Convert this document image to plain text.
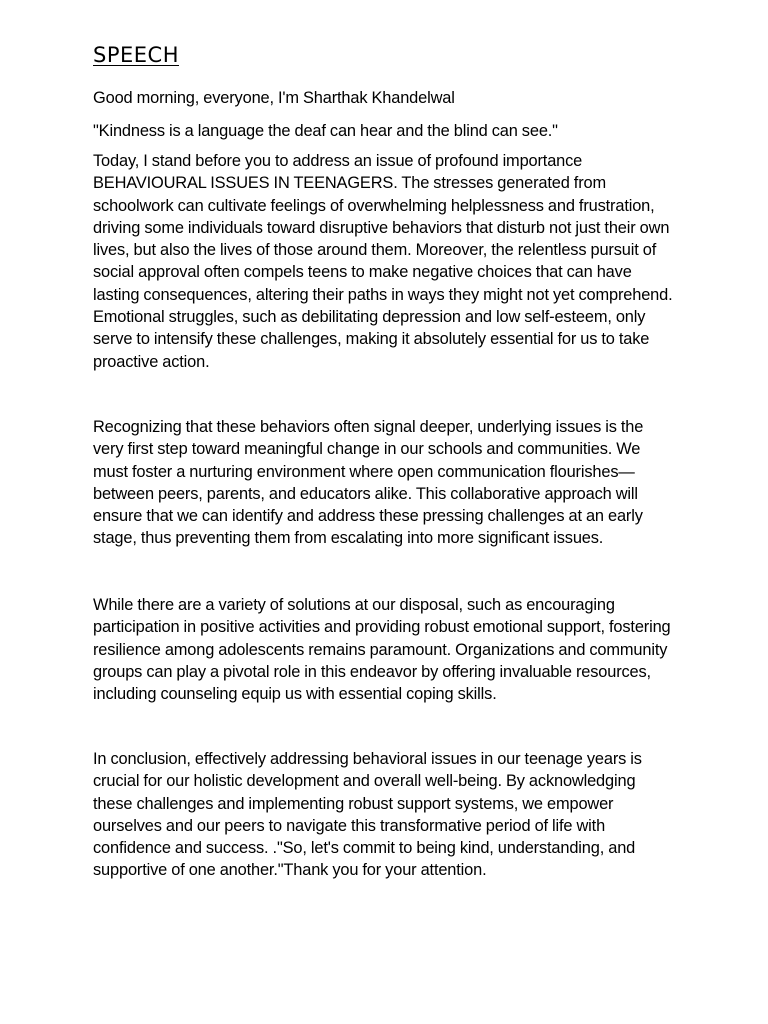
SPEECH

Good morning, everyone, I'm Sharthak Khandelwal

"Kindness is a language the deaf can hear and the blind can see."

Today, I stand before you to address an issue of profound importance BEHAVIOURAL ISSUES IN TEENAGERS. The stresses generated from schoolwork can cultivate feelings of overwhelming helplessness and frustration, driving some individuals toward disruptive behaviors that disturb not just their own lives, but also the lives of those around them. Moreover, the relentless pursuit of social approval often compels teens to make negative choices that can have lasting consequences, altering their paths in ways they might not yet comprehend. Emotional struggles, such as debilitating depression and low self-esteem, only serve to intensify these challenges, making it absolutely essential for us to take proactive action.

Recognizing that these behaviors often signal deeper, underlying issues is the very first step toward meaningful change in our schools and communities. We must foster a nurturing environment where open communication flourishes—between peers, parents, and educators alike. This collaborative approach will ensure that we can identify and address these pressing challenges at an early stage, thus preventing them from escalating into more significant issues.

While there are a variety of solutions at our disposal, such as encouraging participation in positive activities and providing robust emotional support, fostering resilience among adolescents remains paramount. Organizations and community groups can play a pivotal role in this endeavor by offering invaluable resources, including counseling equip us with essential coping skills.

In conclusion, effectively addressing behavioral issues in our teenage years is crucial for our holistic development and overall well-being. By acknowledging these challenges and implementing robust support systems, we empower ourselves and our peers to navigate this transformative period of life with confidence and success. ."So, let's commit to being kind, understanding, and supportive of one another."Thank you for your attention.
